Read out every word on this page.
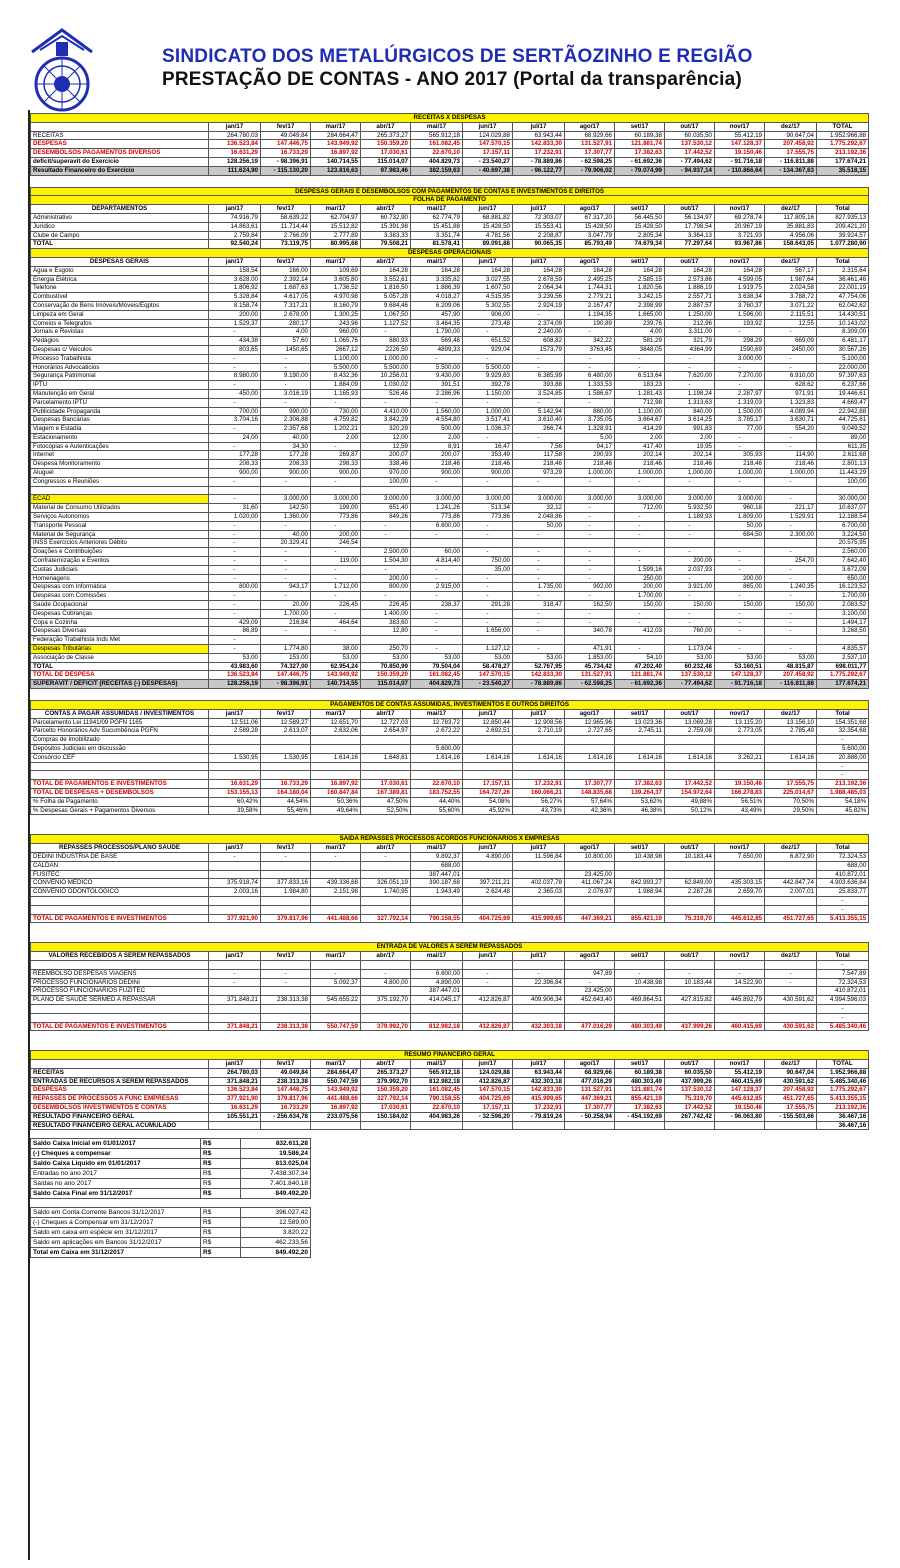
SINDICATO DOS METALÚRGICOS DE SERTÃOZINHO E REGIÃO
PRESTAÇÃO DE CONTAS - ANO 2017 (Portal da transparência)
RECEITAS X DESPESAS													
	jan/17	fev/17	mar/17	abr/17	mai/17	jun/17	jul/17	ago/17	set/17	out/17	nov/17	dez/17	TOTAL
RECEITAS	264.780,03	49.049,84	284.664,47	265.373,27	565.912,18	124.029,88	63.943,44	68.929,66	60.189,38	60.035,50	55.412,19	90.647,04	1.952.966,88
DESPESAS	136.523,84	147.446,75	143.949,92	150.359,20	161.082,45	147.570,15	142.833,30	131.527,91	121.881,74	137.530,12	147.128,37	207.458,92	1.775.292,67
DESEMBOLSOS PAGAMENTOS DIVERSOS	16.631,29	16.733,29	16.897,92	17.030,61	22.670,10	17.157,11	17.232,91	17.307,77	17.382,63	17.442,52	19.150,46	17.555,75	213.192,36
deficit/superavit do Exercicio	128.256,19	- 98.396,91	140.714,55	115.014,07	404.829,73	- 23.540,27	- 78.889,86	- 62.598,25	- 61.692,36	- 77.494,62	- 91.716,18	- 116.811,88	177.674,21
Resultado Financeiro do Exercicio	111.624,90	- 115.130,20	123.816,63	97.983,46	382.159,63	- 40.697,38	- 96.122,77	- 79.906,02	- 79.074,99	- 94.937,14	- 110.866,64	- 134.367,63	35.518,15
DESPESAS GERAIS E DESEMBOLSOS COM PAGAMENTOS DE CONTAS E INVESTIMENTOS E DIREITOS													
FOLHA DE PAGAMENTO													
DEPARTAMENTOS	jan/17	fev/17	mar/17	abr/17	mai/17	jun/17	jul/17	ago/17	set/17	out/17	nov/17	dez/17	Total
Administrativo	74.916,79	58.639,22	62.704,97	60.732,90	62.774,79	68.881,82	72.303,07	67.317,20	56.445,50	56.134,97	69.278,74	117.805,16	827.935,13
Jurídico	14.863,61	11.714,44	15.512,82	15.391,98	15.451,88	15.428,50	15.553,41	15.428,50	15.428,50	17.798,54	20.967,19	35.881,83	209.421,20
Clube de Campo	2.759,84	2.766,09	2.777,89	3.383,33	3.351,74	4.781,56	2.208,87	3.047,79	2.805,34	3.364,13	3.721,93	4.956,06	39.924,57
TOTAL	92.540,24	73.119,75	80.995,68	79.508,21	81.578,41	89.091,88	90.065,35	85.793,49	74.679,34	77.297,64	93.967,86	158.643,05	1.077.280,90
DESPESAS OPERACIONAIS													
DESPESAS GERAIS	jan/17	fev/17	mar/17	abr/17	mai/17	jun/17	jul/17	ago/17	set/17	out/17	nov/17	dez/17	Total
Água e Esgoto	158,54	166,00	109,69	164,28	164,28	164,28	164,28	164,28	164,28	164,28	164,28	567,17	2.315,64
Energia Elétrica	3.628,00	2.392,14	3.605,80	3.552,61	3.335,82	3.027,55	2.678,59	2.495,25	2.585,15	2.573,86	4.599,05	1.987,64	36.461,46
Telefone	1.806,92	1.687,63	1.736,52	1.816,50	1.886,39	1.607,50	2.064,34	1.744,31	1.820,56	1.886,19	1.919,75	2.024,58	22.001,19
Combustível	5.328,84	4.617,05	4.970,98	5.057,28	4.018,27	4.515,95	3.239,56	2.779,21	3.242,15	2.557,71	3.638,34	3.788,72	47.754,06
Conservação de Bens Imóveis/Móveis/Eqptos	8.158,74	7.317,21	8.160,79	9.684,46	6.209,06	5.302,55	2.924,19	2.167,47	2.398,99	2.887,57	3.760,37	3.071,22	62.042,62
Limpeza em Geral	200,00	2.678,00	1.300,25	1.067,50	457,90	906,00	-	1.194,35	1.665,00	1.250,00	1.596,00	2.115,51	14.430,51
Correios e Telegrafos	1.529,37	280,17	243,96	1.127,52	3.464,35	273,48	2.374,09	190,89	239,76	212,96	193,92	12,55	10.143,02
Jornais e Revistas	-	4,00	960,00	-	1.790,00	-	2.240,00	-	4,00	3.311,00	-	-	8.309,00
Pedágios	434,38	57,60	1.065,76	880,93	569,48	651,52	608,82	342,22	581,29	321,79	298,29	669,09	6.481,17
Despesas c/ Veiculos	803,65	1450,65	2667,12	2226,50	4899,33	929,04	1573,79	3763,45	3848,05	4364,99	1590,69	2450,00	30.567,26
Processo Trabalhista	-	-	1.100,00	1.000,00	-	-	-	-	-	-	3.000,00	-	5.100,00
Honorários Advocaticios	-	-	5.500,00	5.500,00	5.500,00	5.500,00	-	-	-	-	-	-	22.000,00
Segurança Patrimonial	8.980,00	9.190,00	8.432,36	10.256,01	9.430,00	9.929,63	6.385,99	6.480,00	6.513,64	7.620,00	7.270,00	6.910,00	97.397,63
IPTU	-	-	1.884,09	1.030,02	391,51	392,78	393,88	1.333,53	183,23	-	-	628,62	6.237,66
Manutenção em Geral	450,00	3.016,19	1.165,93	526,46	2.286,96	1.150,00	3.524,85	1.586,67	1.281,43	1.198,24	2.287,97	971,91	19.446,61
Parcelamento IPTU	-	-	-	-	-	-	-	-	712,98	1.313,63	1.319,03	1.323,83	4.669,47
Publicidade Propaganda	700,00	990,00	730,00	4.410,00	1.560,00	1.000,00	5.142,94	880,00	1.100,00	840,00	1.500,00	4.089,94	22.942,88
Despesas Bancárias	3.704,16	2.306,88	4.759,82	3.842,29	4.554,80	3.517,41	3.610,40	3.735,05	3.664,67	3.614,25	3.785,17	3.630,71	44.725,61
Viagem e Estadia	-	2.357,68	1.202,21	320,29	500,00	1.036,37	266,74	1.328,91	414,29	991,83	77,00	554,20	9.049,52
Estacionamento	24,00	40,00	2,00	12,00	2,00	-	-	5,00	2,00	2,00	-	-	89,00
Fotocópias e Autenticações	-	34,30	-	12,59	8,91	16,47	7,56	94,17	417,40	19,95	-	-	611,35
Internet	177,28	177,28	269,87	200,07	200,07	353,49	117,58	290,93	202,14	202,14	305,93	114,90	2.611,68
Despesa Monitoramento	208,33	208,33	298,33	338,46	218,46	218,46	218,46	218,46	218,46	218,46	218,46	218,46	2.801,13
Aluguel	900,00	900,00	900,00	970,00	900,00	900,00	973,29	1.000,00	1.000,00	1.000,00	1.000,00	1.000,00	11.443,29
Congressos e Reuniões	-	-	-	100,00	-	-	-	-	-	-	-	-	100,00

ECAD	-	3.000,00	3.000,00	3.000,00	3.000,00	3.000,00	3.000,00	3.000,00	3.000,00	3.000,00	3.000,00	-	30.000,00
Material de Consumo Utilizados	31,60	142,50	199,00	651,40	1.241,26	513,34	32,12	-	712,00	5.932,50	960,18	221,17	10.637,07
Serviços Autonomos	1.020,00	1.360,00	773,86	849,26	773,86	773,86	2.048,86	-	-	1.189,93	1.809,00	1.529,91	12.188,54
Transporte Pessoal	-	-	-	-	6.600,00	-	50,00	-	-	-	50,00	-	6.700,00
Material de Segurança	-	40,00	200,00	-	-	-	-	-	-	-	684,50	2.300,00	3.224,50
INSS Exercícios Anteriores Débito	-	20.329,41	246,54										20.575,95
Doações e Contribuições	-	-	-	2.500,00	60,00	-	-	-	-	-	-	-	2.560,00
Confraternização e Eventos	-	-	119,00	1.504,30	4.814,40	750,00	-	-	-	200,00	-	254,70	7.642,40
Custas Judiciais	-	-	-	-	-	35,00	-	-	1.599,16	2.037,93	-	-	3.672,09
Homenagens	-	-	-	200,00	-	-	-	-	250,00	-	200,00	-	650,00
Despesas com Informática	800,00	943,17	1.712,00	800,00	2.915,00	-	1.735,00	992,00	200,00	3.921,00	865,00	1.240,35	16.123,52
Despesas com Comissões	-	-	-	-	-	-	-	-	1.700,00	-	-	-	1.700,00
Saúde Ocupacional	-	20,00	226,45	226,45	238,37	291,28	318,47	162,50	150,00	150,00	150,00	150,00	2.083,52
Despesas Cobranças	-	1.700,00	-	1.400,00	-	-	-	-	-	-	-	-	3.100,00
Copa e Cozinha	429,09	216,84	464,64	383,60	-	-	-	-	-	-	-	-	1.494,17
Despesas Diversas	86,89	-	-	12,80	-	1.656,00	-	340,78	412,03	760,00	-	-	3.268,50
Federação Trabalhista Inds Met	-												
Despesas Tributárias	-	1.774,80	38,00	250,70	-	1.127,12	-	471,91	-	1.173,04	-	-	4.835,57
Associação de Classe	53,00	153,00	53,00	53,00	53,00	53,00	53,00	1.853,00	54,10	53,00	53,00	53,00	2.537,10
TOTAL	43.983,60	74.327,00	62.954,24	70.850,99	79.504,04	58.478,27	52.767,95	45.734,42	47.202,40	60.232,48	53.160,51	48.815,87	698.011,77
TOTAL DE DESPESA	136.523,84	147.446,75	143.949,92	150.359,20	161.082,45	147.570,15	142.833,30	131.527,91	121.881,74	137.530,12	147.128,37	207.458,92	1.775.292,67
SUPERÁVIT / DÉFICIT (RECEITAS (-) DESPESAS)	128.256,19	- 98.396,91	140.714,55	115.014,07	404.829,73	- 23.540,27	- 78.889,86	- 62.598,25	- 61.692,36	- 77.494,62	- 91.716,18	- 116.811,88	177.674,21
PAGAMENTOS DE CONTAS ASSUMIDAS, INVESTIMENTOS E OUTROS DIREITOS													
CONTAS A PAGAR ASSUMIDAS / INVESTIMENTOS	jan/17	fev/17	mar/17	abr/17	mai/17	jun/17	jul/17	ago/17	set/17	out/17	nov/17	dez/17	Total
Parcelamento Lei 11941/09 PGFN 1165	12.511,06	12.589,27	12.651,70	12.727,03	12.783,72	12.850,44	12.908,56	12.965,96	13.023,36	13.069,28	13.115,20	13.156,10	154.351,68
Parcelto Honorários Adv Sucumbência PGFN	2.589,28	2.613,07	2.632,06	2.654,97	2.672,22	2.692,51	2.710,19	2.727,65	2.745,11	2.759,08	2.773,05	2.785,49	32.354,68
Compras de Imobilizado													-
Depósitos Judiciais em discussão					5.600,00								5.600,00
Consórcio CEF	1.530,95	1.530,95	1.614,16	1.648,61	1.614,16	1.614,16	1.614,16	1.614,16	1.614,16	1.614,16	3.262,21	1.614,16	20.886,00
													-
													-
TOTAL DE PAGAMENTOS E INVESTIMENTOS	16.631,29	16.733,29	16.897,92	17.030,61	22.670,10	17.157,11	17.232,91	17.307,77	17.382,63	17.442,52	19.150,46	17.555,75	213.192,36
TOTAL DE DESPESAS + DESEMBOLSOS	153.155,13	164.180,04	160.847,84	167.389,81	183.752,55	164.727,26	160.066,21	148.835,68	139.264,37	154.972,64	166.278,83	225.014,67	1.988.485,03
% Folha de Pagamento	60,42%	44,54%	50,36%	47,50%	44,40%	54,08%	56,27%	57,64%	53,62%	49,88%	56,51%	70,50%	54,18%
% Despesas Gerais + Pagamentos Diversos	39,58%	55,46%	49,64%	52,50%	55,60%	45,92%	43,73%	42,36%	46,38%	50,12%	43,49%	29,50%	45,82%
SAÍDA REPASSES PROCESSOS ACORDOS FUNCIONÁRIOS X EMPRESAS													
REPASSES PROCESSOS/PLANO SAÚDE	jan/17	fev/17	mar/17	abr/17	mai/17	jun/17	jul/17	ago/17	set/17	out/17	nov/17	dez/17	Total
DEDINI INDÚSTRIA DE BASE	-	-	-	-	9.892,37	4.890,00	11.596,84	10.800,00	10.438,98	10.183,44	7.650,00	6.872,90	72.324,53
CALDAN					688,00								688,00
FUSITEC					387.447,01			23.425,00					410.872,01
CONVÊNIO MÉDICO	375.918,74	377.833,16	439.336,68	326.051,19	390.187,68	397.211,21	402.037,78	411.067,24	842.993,27	62.849,00	435.303,15	442.847,74	4.903.636,84
CONVÊNIO ODONTOLÓGICO	2.003,16	1.984,80	2.151,98	1.740,95	1.943,49	2.624,48	2.365,03	2.076,97	1.988,94	2.287,26	2.659,70	2.007,01	25.833,77
													-
													-
TOTAL DE PAGAMENTOS E INVESTIMENTOS	377.921,90	379.817,96	441.488,66	327.792,14	790.158,55	404.725,69	415.999,65	447.369,21	855.421,19	75.319,70	445.612,85	451.727,65	5.413.355,15
ENTRADA DE VALORES A SEREM REPASSADOS													
VALORES RECEBIDOS A SEREM REPASSADOS	jan/17	fev/17	mar/17	abr/17	mai/17	jun/17	jul/17	ago/17	set/17	out/17	nov/17	dez/17	Total
													-
REEMBOLSO DESPESAS VIAGENS	-	-	-	-	6.600,00	-	-	947,89	-	-	-	-	7.547,89
PROCESSO FUNCIONÁRIOS DEDINI	-	-	5.092,37	4.800,00	4.890,00	-	22.396,84	-	10.438,98	10.183,44	14.522,90	-	72.324,53
PROCESSO FUNCIONÁRIOS FUZITEC					387.447,01			23.425,00					410.872,01
PLANO DE SAÚDE SERMED A REPASSAR	371.848,21	238.313,38	545.655,22	375.192,70	414.045,17	412.826,87	409.906,34	452.643,40	469.864,51	427.815,82	445.892,79	430.591,62	4.994.596,03
													-
													-
TOTAL DE PAGAMENTOS E INVESTIMENTOS	371.848,21	238.313,38	550.747,59	379.992,70	812.982,18	412.826,87	432.303,18	477.016,29	480.303,49	437.999,26	460.415,69	430.591,62	5.485.340,46
RESUMO FINANCEIRO GERAL													
	jan/17	fev/17	mar/17	abr/17	mai/17	jun/17	jul/17	ago/17	set/17	out/17	nov/17	dez/17	TOTAL
RECEITAS	264.780,03	49.049,84	284.664,47	265.373,27	565.912,18	124.029,88	63.943,44	68.929,66	60.189,38	60.035,50	55.412,19	90.647,04	1.952.966,88
ENTRADAS DE RECURSOS A SEREM REPASSADOS	371.848,21	238.313,38	550.747,59	379.992,70	812.982,18	412.826,87	432.303,18	477.016,29	480.303,49	437.999,26	460.415,69	430.591,62	5.485.340,46
DESPESAS	136.523,84	147.446,75	143.949,92	150.359,20	161.082,45	147.570,15	142.833,30	131.527,91	121.881,74	137.530,12	147.128,37	207.458,92	1.775.292,67
REPASSES DE PROCESSOS A FUNC EMPRESAS	377.921,90	379.817,96	441.488,66	327.792,14	790.158,55	404.725,69	415.999,65	447.369,21	855.421,19	75.319,70	445.612,85	451.727,65	5.413.355,15
DESEMBOLSOS INVESTIMENTOS E CONTAS	16.631,29	16.733,29	16.897,92	17.030,61	22.670,10	17.157,11	17.232,91	17.307,77	17.382,63	17.442,52	19.150,46	17.555,75	213.192,36
RESULTADO FINANCEIRO GERAL	105.551,21	- 256.634,78	233.075,56	150.184,02	404.983,26	- 32.596,20	- 79.819,24	- 50.258,94	- 454.192,69	267.742,42	- 96.063,80	- 155.503,66	36.467,16
RESULTADO FINANCEIRO GERAL ACUMULADO													36.467,16
Saldo Caixa Inicial em 01/01/2017	R$	832.611,28
(-) Cheques a compensar	R$	19.586,24
Saldo Caixa Liquido em 01/01/2017	R$	813.025,04
Entradas no ano 2017	R$	7.438.307,34
Saídas no ano 2017	R$	7.401.840,18
Saldo Caixa Final em 31/12/2017	R$	849.492,20
Saldo em Conta Corrente Bancos 31/12/2017	R$	396.027,42
(-) Cheques a Compensar em 31/12/2017	R$	12.589,00
Saldo em caixa em espécie em 31/12/2017	R$	3.820,22
Saldo em aplicações em Bancos 31/12/2017	R$	462.233,56
Total em Caixa em 31/12/2017	R$	849.492,20
